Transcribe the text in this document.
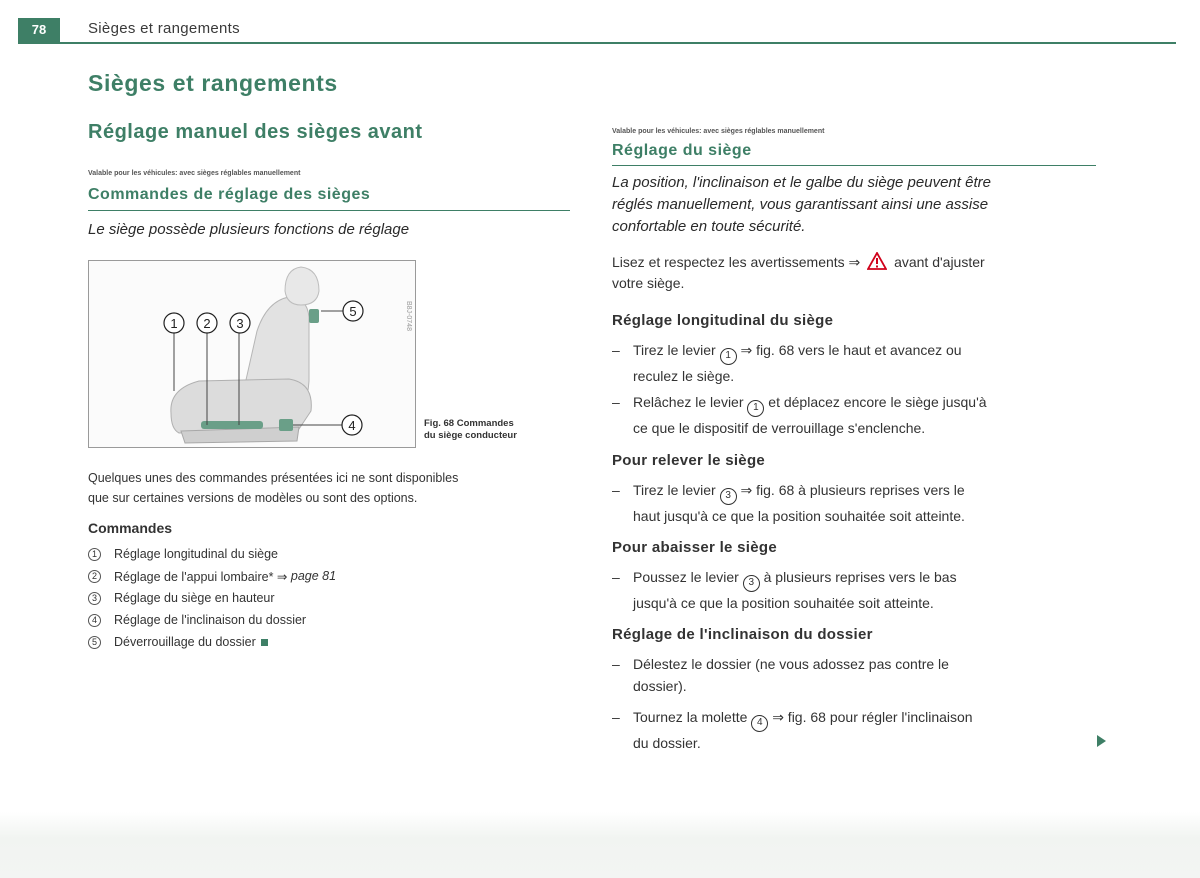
78	Sièges et rangements
Sièges et rangements
Réglage manuel des sièges avant
Valable pour les véhicules: avec sièges réglables manuellement
Commandes de réglage des sièges
Le siège possède plusieurs fonctions de réglage
1 2 3
5
4
B8J-0748
Fig. 68 Commandes
du siège conducteur
Quelques unes des commandes présentées ici ne sont disponibles
que sur certaines versions de modèles ou sont des options.
Commandes
1	Réglage longitudinal du siège
2	Réglage de l'appui lombaire* ⇒
page 81
3	Réglage du siège en hauteur
4	Réglage de l'inclinaison du dossier
5	Déverrouillage du dossier
Valable pour les véhicules: avec sièges réglables manuellement
Réglage du siège
La position, l'inclinaison et le galbe du siège peuvent être
réglés manuellement, vous garantissant ainsi une assise
confortable en toute sécurité.
Lisez et respectez les avertissements ⇒ avant d'ajuster
votre siège.
Réglage longitudinal du siège
– Tirez le levier 1 ⇒ fig. 68 vers le haut et avancez ou
reculez le siège.
– Relâchez le levier 1 et déplacez encore le siège jusqu'à
ce que le dispositif de verrouillage s'enclenche.
Pour relever le siège
– Tirez le levier 3 ⇒ fig. 68 à plusieurs reprises vers le
haut jusqu'à ce que la position souhaitée soit atteinte.
Pour abaisser le siège
– Poussez le levier 3 à plusieurs reprises vers le bas
jusqu'à ce que la position souhaitée soit atteinte.
Réglage de l'inclinaison du dossier
– Délestez le dossier (ne vous adossez pas contre le
dossier).
– Tournez la molette 4 ⇒ fig. 68 pour régler l'inclinaison
du dossier.
